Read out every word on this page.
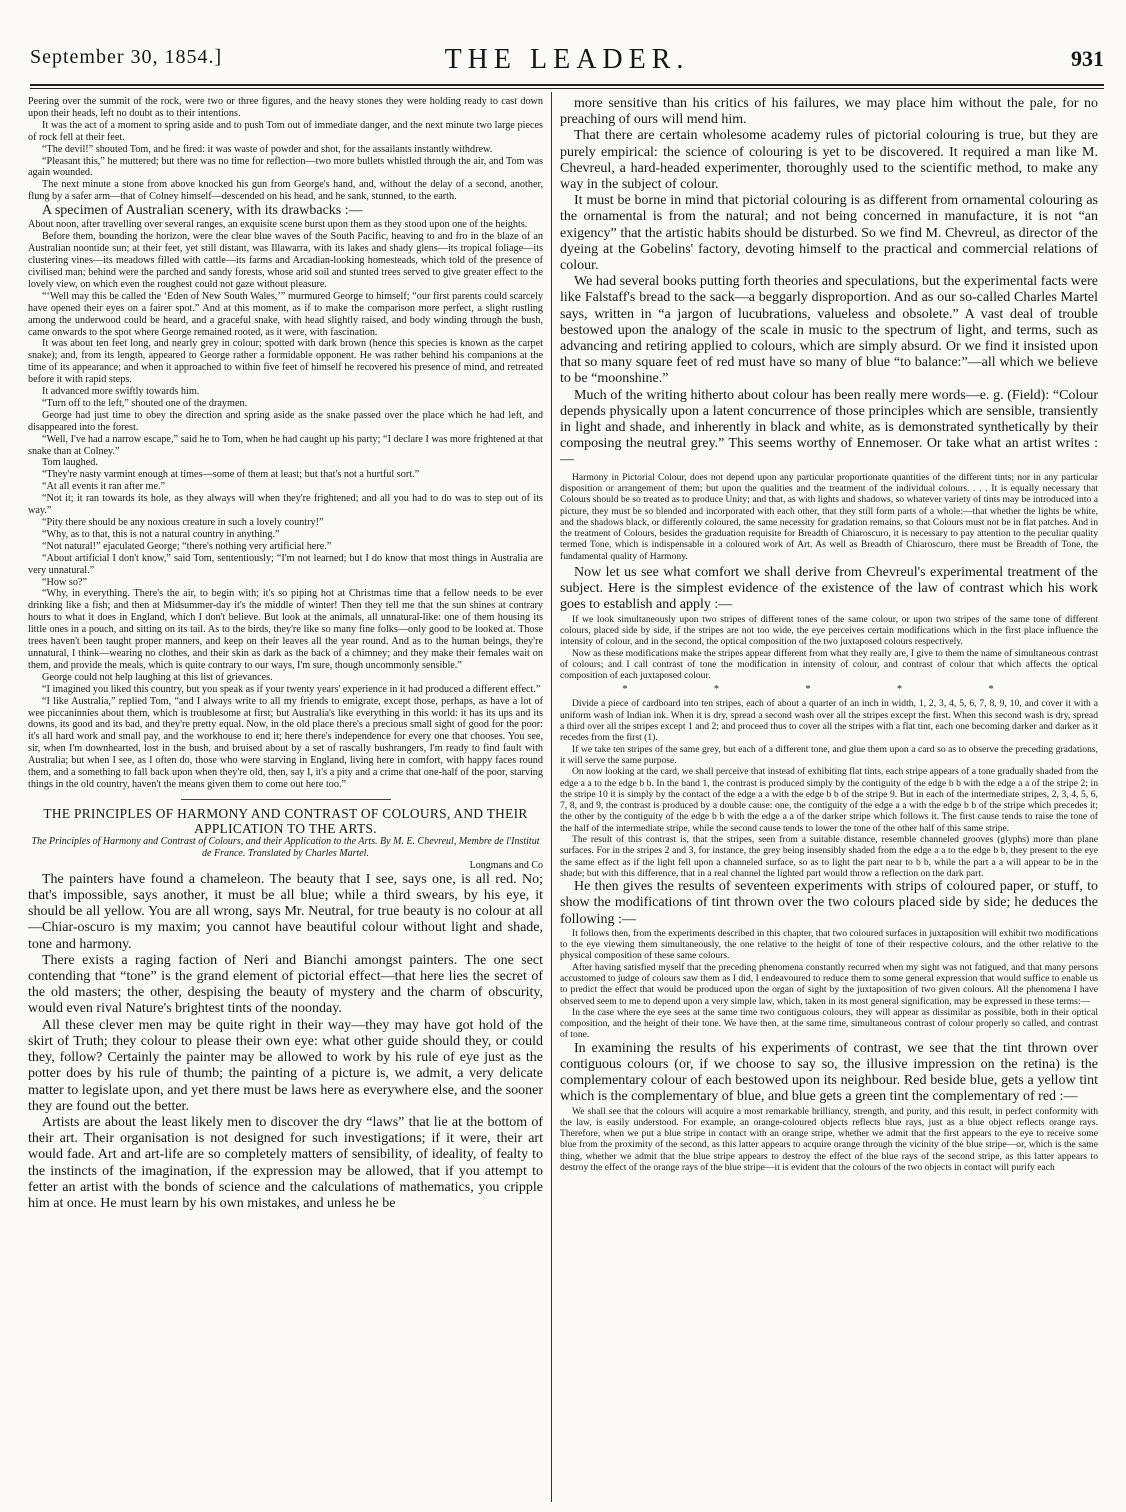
September 30, 1854.]	THE LEADER.	931

Peering over the summit of the rock, were two or three figures, and the heavy stones they were holding ready to cast down upon their heads, left no doubt as to their intentions.

It was the act of a moment to spring aside and to push Tom out of immediate danger, and the next minute two large pieces of rock fell at their feet.

“The devil!” shouted Tom, and he fired: it was waste of powder and shot, for the assailants instantly withdrew.

“Pleasant this,” he muttered; but there was no time for reflection—two more bullets whistled through the air, and Tom was again wounded.

The next minute a stone from above knocked his gun from George's hand, and, without the delay of a second, another, flung by a safer arm—that of Colney himself—descended on his head, and he sank, stunned, to the earth.

A specimen of Australian scenery, with its drawbacks :—

About noon, after travelling over several ranges, an exquisite scene burst upon them as they stood upon one of the heights.

Before them, bounding the horizon, were the clear blue waves of the South Pacific, heaving to and fro in the blaze of an Australian noontide sun; at their feet, yet still distant, was Illawarra, with its lakes and shady glens—its tropical foliage—its clustering vines—its meadows filled with cattle—its farms and Arcadian-looking homesteads, which told of the presence of civilised man; behind were the parched and sandy forests, whose arid soil and stunted trees served to give greater effect to the lovely view, on which even the roughest could not gaze without pleasure.

“‘Well may this be called the ‘Eden of New South Wales,’” murmured George to himself; “our first parents could scarcely have opened their eyes on a fairer spot.” And at this moment, as if to make the comparison more perfect, a slight rustling among the underwood could be heard, and a graceful snake, with head slightly raised, and body winding through the bush, came onwards to the spot where George remained rooted, as it were, with fascination.

It was about ten feet long, and nearly grey in colour; spotted with dark brown (hence this species is known as the carpet snake); and, from its length, appeared to George rather a formidable opponent. He was rather behind his companions at the time of its appearance; and when it approached to within five feet of himself he recovered his presence of mind, and retreated before it with rapid steps.

It advanced more swiftly towards him.

“Turn off to the left,” shouted one of the draymen.

George had just time to obey the direction and spring aside as the snake passed over the place which he had left, and disappeared into the forest.

“Well, I've had a narrow escape,” said he to Tom, when he had caught up his party; “I declare I was more frightened at that snake than at Colney.”

Tom laughed.

“They're nasty varmint enough at times—some of them at least; but that's not a hurtful sort.”

“At all events it ran after me.”

“Not it; it ran towards its hole, as they always will when they're frightened; and all you had to do was to step out of its way.”

“Pity there should be any noxious creature in such a lovely country!”

“Why, as to that, this is not a natural country in anything.”

“Not natural!” ejaculated George; “there's nothing very artificial here.”

“About artificial I don't know,” said Tom, sententiously; “I'm not learned; but I do know that most things in Australia are very unnatural.”

“How so?”

“Why, in everything. There's the air, to begin with; it's so piping hot at Christmas time that a fellow needs to be ever drinking like a fish; and then at Midsummer-day it's the middle of winter! Then they tell me that the sun shines at contrary hours to what it does in England, which I don't believe. But look at the animals, all unnatural-like: one of them housing its little ones in a pouch, and sitting on its tail. As to the birds, they're like so many fine folks—only good to be looked at. Those trees haven't been taught proper manners, and keep on their leaves all the year round. And as to the human beings, they're unnatural, I think—wearing no clothes, and their skin as dark as the back of a chimney; and they make their females wait on them, and provide the meals, which is quite contrary to our ways, I'm sure, though uncommonly sensible.”

George could not help laughing at this list of grievances.

“I imagined you liked this country, but you speak as if your twenty years' experience in it had produced a different effect.”

“I like Australia,” replied Tom, “and I always write to all my friends to emigrate, except those, perhaps, as have a lot of wee piccaninnies about them, which is troublesome at first; but Australia's like everything in this world: it has its ups and its downs, its good and its bad, and they're pretty equal. Now, in the old place there's a precious small sight of good for the poor: it's all hard work and small pay, and the workhouse to end it; here there's independence for every one that chooses. You see, sir, when I'm downhearted, lost in the bush, and bruised about by a set of rascally bushrangers, I'm ready to find fault with Australia; but when I see, as I often do, those who were starving in England, living here in comfort, with happy faces round them, and a something to fall back upon when they're old, then, say I, it's a pity and a crime that one-half of the poor, starving things in the old country, haven't the means given them to come out here too.”

THE PRINCIPLES OF HARMONY AND CONTRAST OF COLOURS, AND THEIR APPLICATION TO THE ARTS.
The Principles of Harmony and Contrast of Colours, and their Application to the Arts. By M. E. Chevreul, Membre de l'Institut de France. Translated by Charles Martel.
Longmans and Co

The painters have found a chameleon. The beauty that I see, says one, is all red. No; that's impossible, says another, it must be all blue; while a third swears, by his eye, it should be all yellow. You are all wrong, says Mr. Neutral, for true beauty is no colour at all—Chiar-oscuro is my maxim; you cannot have beautiful colour without light and shade, tone and harmony.

There exists a raging faction of Neri and Bianchi amongst painters. The one sect contending that “tone” is the grand element of pictorial effect—that here lies the secret of the old masters; the other, despising the beauty of mystery and the charm of obscurity, would even rival Nature's brightest tints of the noonday.

All these clever men may be quite right in their way—they may have got hold of the skirt of Truth; they colour to please their own eye: what other guide should they, or could they, follow? Certainly the painter may be allowed to work by his rule of eye just as the potter does by his rule of thumb; the painting of a picture is, we admit, a very delicate matter to legislate upon, and yet there must be laws here as everywhere else, and the sooner they are found out the better.

Artists are about the least likely men to discover the dry “laws” that lie at the bottom of their art. Their organisation is not designed for such investigations; if it were, their art would fade. Art and art-life are so completely matters of sensibility, of ideality, of fealty to the instincts of the imagination, if the expression may be allowed, that if you attempt to fetter an artist with the bonds of science and the calculations of mathematics, you cripple him at once. He must learn by his own mistakes, and unless he be

more sensitive than his critics of his failures, we may place him without the pale, for no preaching of ours will mend him.

That there are certain wholesome academy rules of pictorial colouring is true, but they are purely empirical: the science of colouring is yet to be discovered. It required a man like M. Chevreul, a hard-headed experimenter, thoroughly used to the scientific method, to make any way in the subject of colour.

It must be borne in mind that pictorial colouring is as different from ornamental colouring as the ornamental is from the natural; and not being concerned in manufacture, it is not “an exigency” that the artistic habits should be disturbed. So we find M. Chevreul, as director of the dyeing at the Gobelins' factory, devoting himself to the practical and commercial relations of colour.

We had several books putting forth theories and speculations, but the experimental facts were like Falstaff's bread to the sack—a beggarly disproportion. And as our so-called Charles Martel says, written in “a jargon of lucubrations, valueless and obsolete.” A vast deal of trouble bestowed upon the analogy of the scale in music to the spectrum of light, and terms, such as advancing and retiring applied to colours, which are simply absurd. Or we find it insisted upon that so many square feet of red must have so many of blue “to balance:”—all which we believe to be “moonshine.”

Much of the writing hitherto about colour has been really mere words—e. g. (Field): “Colour depends physically upon a latent concurrence of those principles which are sensible, transiently in light and shade, and inherently in black and white, as is demonstrated synthetically by their composing the neutral grey.” This seems worthy of Ennemoser. Or take what an artist writes :—

Harmony in Pictorial Colour, does not depend upon any particular proportionate quantities of the different tints; nor in any particular disposition or arrangement of them; but upon the qualities and the treatment of the individual colours. . . . It is equally necessary that Colours should be so treated as to produce Unity; and that, as with lights and shadows, so whatever variety of tints may be introduced into a picture, they must be so blended and incorporated with each other, that they still form parts of a whole:—that whether the lights be white, and the shadows black, or differently coloured, the same necessity for gradation remains, so that Colours must not be in flat patches. And in the treatment of Colours, besides the graduation requisite for Breadth of Chiaroscuro, it is necessary to pay attention to the peculiar quality termed Tone, which is indispensable in a coloured work of Art. As well as Breadth of Chiaroscuro, there must be Breadth of Tone, the fundamental quality of Harmony.

Now let us see what comfort we shall derive from Chevreul's experimental treatment of the subject. Here is the simplest evidence of the existence of the law of contrast which his work goes to establish and apply :—

If we look simultaneously upon two stripes of different tones of the same colour, or upon two stripes of the same tone of different colours, placed side by side, if the stripes are not too wide, the eye perceives certain modifications which in the first place influence the intensity of colour, and in the second, the optical composition of the two juxtaposed colours respectively.

Now as these modifications make the stripes appear different from what they really are, I give to them the name of simultaneous contrast of colours; and I call contrast of tone the modification in intensity of colour, and contrast of colour that which affects the optical composition of each juxtaposed colour.

* * * * *

Divide a piece of cardboard into ten stripes, each of about a quarter of an inch in width, 1, 2, 3, 4, 5, 6, 7, 8, 9, 10, and cover it with a uniform wash of Indian ink. When it is dry, spread a second wash over all the stripes except the first. When this second wash is dry, spread a third over all the stripes except 1 and 2; and proceed thus to cover all the stripes with a flat tint, each one becoming darker and darker as it recedes from the first (1).

If we take ten stripes of the same grey, but each of a different tone, and glue them upon a card so as to observe the preceding gradations, it will serve the same purpose.

On now looking at the card, we shall perceive that instead of exhibiting flat tints, each stripe appears of a tone gradually shaded from the edge a a to the edge b b. In the band 1, the contrast is produced simply by the contiguity of the edge b b with the edge a a of the stripe 2; in the stripe 10 it is simply by the contact of the edge a a with the edge b b of the stripe 9. But in each of the intermediate stripes, 2, 3, 4, 5, 6, 7, 8, and 9, the contrast is produced by a double cause: one, the contiguity of the edge a a with the edge b b of the stripe which precedes it; the other by the contiguity of the edge b b with the edge a a of the darker stripe which follows it. The first cause tends to raise the tone of the half of the intermediate stripe, while the second cause tends to lower the tone of the other half of this same stripe.

The result of this contrast is, that the stripes, seen from a suitable distance, resemble channeled grooves (glyphs) more than plane surfaces. For in the stripes 2 and 3, for instance, the grey being insensibly shaded from the edge a a to the edge b b, they present to the eye the same effect as if the light fell upon a channeled surface, so as to light the part near to b b, while the part a a will appear to be in the shade; but with this difference, that in a real channel the lighted part would throw a reflection on the dark part.

He then gives the results of seventeen experiments with strips of coloured paper, or stuff, to show the modifications of tint thrown over the two colours placed side by side; he deduces the following :—

It follows then, from the experiments described in this chapter, that two coloured surfaces in juxtaposition will exhibit two modifications to the eye viewing them simultaneously, the one relative to the height of tone of their respective colours, and the other relative to the physical composition of these same colours.

After having satisfied myself that the preceding phenomena constantly recurred when my sight was not fatigued, and that many persons accustomed to judge of colours saw them as I did, I endeavoured to reduce them to some general expression that would suffice to enable us to predict the effect that would be produced upon the organ of sight by the juxtaposition of two given colours. All the phenomena I have observed seem to me to depend upon a very simple law, which, taken in its most general signification, may be expressed in these terms:—

In the case where the eye sees at the same time two contiguous colours, they will appear as dissimilar as possible, both in their optical composition, and the height of their tone. We have then, at the same time, simultaneous contrast of colour properly so called, and contrast of tone.

In examining the results of his experiments of contrast, we see that the tint thrown over contiguous colours (or, if we choose to say so, the illusive impression on the retina) is the complementary colour of each bestowed upon its neighbour. Red beside blue, gets a yellow tint which is the complementary of blue, and blue gets a green tint the complementary of red :—

We shall see that the colours will acquire a most remarkable brilliancy, strength, and purity, and this result, in perfect conformity with the law, is easily understood. For example, an orange-coloured objects reflects blue rays, just as a blue object reflects orange rays. Therefore, when we put a blue stripe in contact with an orange stripe, whether we admit that the first appears to the eye to receive some blue from the proximity of the second, as this latter appears to acquire orange through the vicinity of the blue stripe—or, which is the same thing, whether we admit that the blue stripe appears to destroy the effect of the blue rays of the second stripe, as this latter appears to destroy the effect of the orange rays of the blue stripe—it is evident that the colours of the two objects in contact will purify each
